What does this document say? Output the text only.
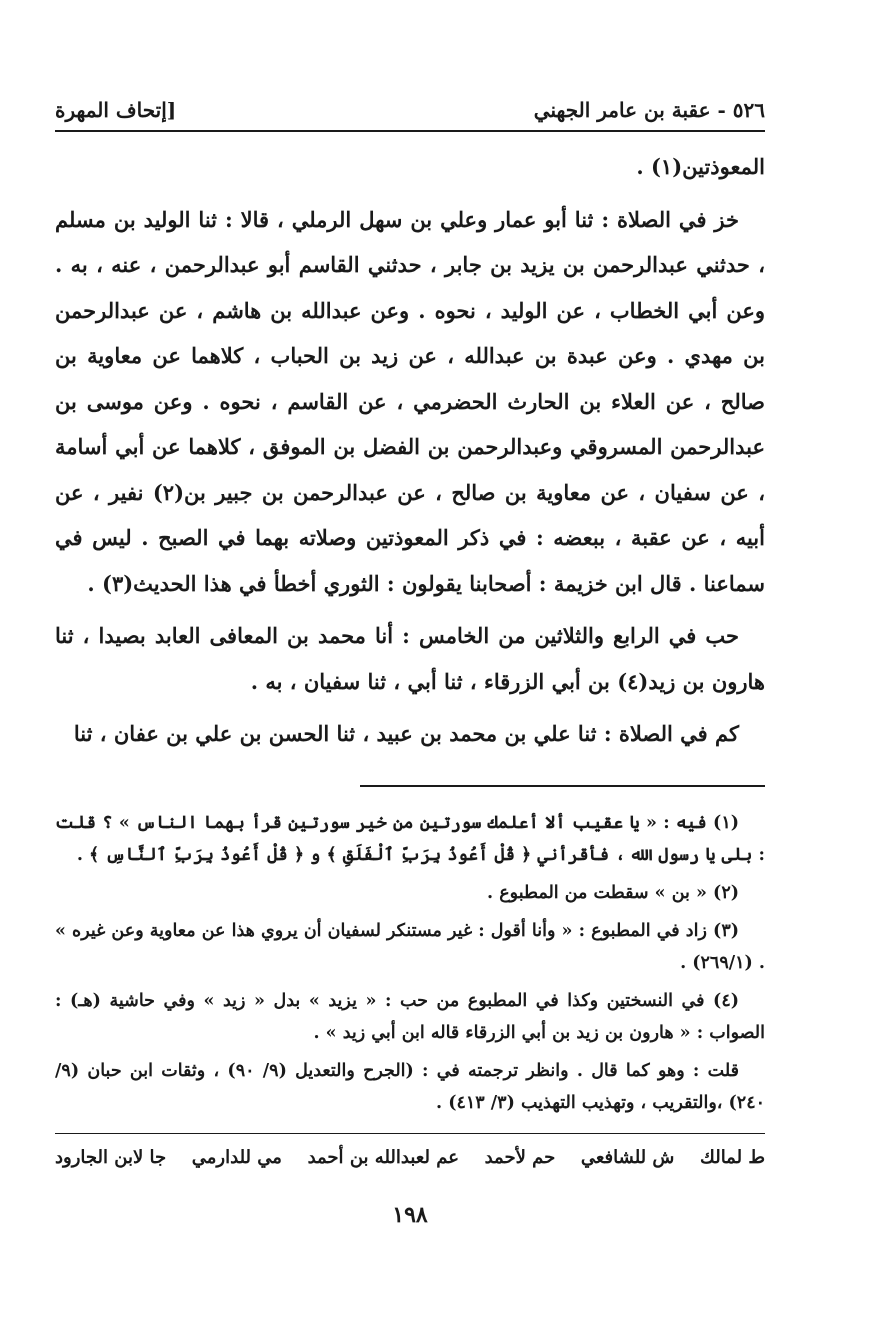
٥٢٦ - عقبة بن عامر الجهني
[إتحاف المهرة

المعوذتين(١) .

خز في الصلاة : ثنا أبو عمار وعلي بن سهل الرملي ، قالا : ثنا الوليد بن مسلم ، حدثني عبدالرحمن بن يزيد بن جابر ، حدثني القاسم أبو عبدالرحمن ، عنه ، به . وعن أبي الخطاب ، عن الوليد ، نحوه . وعن عبدالله بن هاشم ، عن عبدالرحمن بن مهدي . وعن عبدة بن عبدالله ، عن زيد بن الحباب ، كلاهما عن معاوية بن صالح ، عن العلاء بن الحارث الحضرمي ، عن القاسم ، نحوه . وعن موسى بن عبدالرحمن المسروقي وعبدالرحمن بن الفضل بن الموفق ، كلاهما عن أبي أسامة ، عن سفيان ، عن معاوية بن صالح ، عن عبدالرحمن بن جبير بن(٢) نفير ، عن أبيه ، عن عقبة ، ببعضه : في ذكر المعوذتين وصلاته بهما في الصبح . ليس في سماعنا . قال ابن خزيمة : أصحابنا يقولون : الثوري أخطأ في هذا الحديث(٣) .

حب في الرابع والثلاثين من الخامس : أنا محمد بن المعافى العابد بصيدا ، ثنا هارون بن زيد(٤) بن أبي الزرقاء ، ثنا أبي ، ثنا سفيان ، به .

كم في الصلاة : ثنا علي بن محمد بن عبيد ، ثنا الحسن بن علي بن عفان ، ثنا

(١) فيه : « يا عقيب ألا أعلمك سورتين من خير سورتين قرأ بهما الناس » ؟ قلت : بلى يا رسول الله ، فأقرأني ﴿ قُلْ أَعُوذُ بِرَبِّ ٱلْفَلَقِ ﴾ و ﴿ قُلْ أَعُوذُ بِرَبِّ ٱلنَّاسِ ﴾ .

(٢) « بن » سقطت من المطبوع .

(٣) زاد في المطبوع : « وأنا أقول : غير مستنكر لسفيان أن يروي هذا عن معاوية وعن غيره » . (٢٦٩/١) .

(٤) في النسختين وكذا في المطبوع من حب : « يزيد » بدل « زيد » وفي حاشية (هـ) : الصواب : « هارون بن زيد بن أبي الزرقاء قاله ابن أبي زيد » .

قلت : وهو كما قال . وانظر ترجمته في : (الجرح والتعديل (٩/ ٩٠) ، وثقات ابن حبان (٩/ ٢٤٠) ،والتقريب ، وتهذيب التهذيب (٣/ ٤١٣) .

ط لمالك
ش للشافعي
حم لأحمد
عم لعبدالله بن أحمد
مي للدارمي
جا لابن الجارود
١٩٨
